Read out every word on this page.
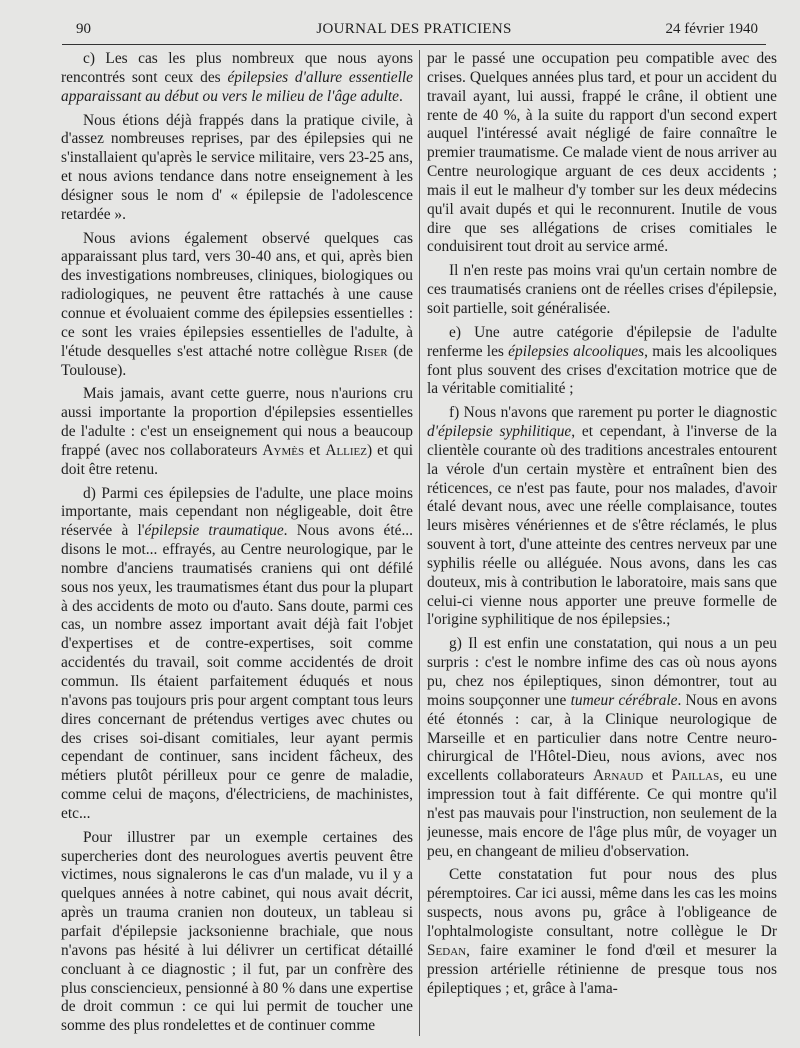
90	JOURNAL DES PRATICIENS	24 février 1940

c) Les cas les plus nombreux que nous ayons rencontrés sont ceux des épilepsies d'allure essentielle apparaissant au début ou vers le milieu de l'âge adulte.

Nous étions déjà frappés dans la pratique civile, à d'assez nombreuses reprises, par des épilepsies qui ne s'installaient qu'après le service militaire, vers 23-25 ans, et nous avions tendance dans notre enseignement à les désigner sous le nom d' « épilepsie de l'adolescence retardée ».

Nous avions également observé quelques cas apparaissant plus tard, vers 30-40 ans, et qui, après bien des investigations nombreuses, cliniques, biologiques ou radiologiques, ne peuvent être rattachés à une cause connue et évoluaient comme des épilepsies essentielles : ce sont les vraies épilepsies essentielles de l'adulte, à l'étude desquelles s'est attaché notre collègue Riser (de Toulouse).

Mais jamais, avant cette guerre, nous n'aurions cru aussi importante la proportion d'épilepsies essentielles de l'adulte : c'est un enseignement qui nous a beaucoup frappé (avec nos collaborateurs Aymès et Alliez) et qui doit être retenu.

d) Parmi ces épilepsies de l'adulte, une place moins importante, mais cependant non négligeable, doit être réservée à l'épilepsie traumatique. Nous avons été... disons le mot... effrayés, au Centre neurologique, par le nombre d'anciens traumatisés craniens qui ont défilé sous nos yeux, les traumatismes étant dus pour la plupart à des accidents de moto ou d'auto. Sans doute, parmi ces cas, un nombre assez important avait déjà fait l'objet d'expertises et de contre-expertises, soit comme accidentés du travail, soit comme accidentés de droit commun. Ils étaient parfaitement éduqués et nous n'avons pas toujours pris pour argent comptant tous leurs dires concernant de prétendus vertiges avec chutes ou des crises soi-disant comitiales, leur ayant permis cependant de continuer, sans incident fâcheux, des métiers plutôt périlleux pour ce genre de maladie, comme celui de maçons, d'électriciens, de machinistes, etc...

Pour illustrer par un exemple certaines des supercheries dont des neurologues avertis peuvent être victimes, nous signalerons le cas d'un malade, vu il y a quelques années à notre cabinet, qui nous avait décrit, après un trauma cranien non douteux, un tableau si parfait d'épilepsie jacksonienne brachiale, que nous n'avons pas hésité à lui délivrer un certificat détaillé concluant à ce diagnostic ; il fut, par un confrère des plus consciencieux, pensionné à 80 % dans une expertise de droit commun : ce qui lui permit de toucher une somme des plus rondelettes et de continuer comme

par le passé une occupation peu compatible avec des crises. Quelques années plus tard, et pour un accident du travail ayant, lui aussi, frappé le crâne, il obtient une rente de 40 %, à la suite du rapport d'un second expert auquel l'intéressé avait négligé de faire connaître le premier traumatisme. Ce malade vient de nous arriver au Centre neurologique arguant de ces deux accidents ; mais il eut le malheur d'y tomber sur les deux médecins qu'il avait dupés et qui le reconnurent. Inutile de vous dire que ses allégations de crises comitiales le conduisirent tout droit au service armé.

Il n'en reste pas moins vrai qu'un certain nombre de ces traumatisés craniens ont de réelles crises d'épilepsie, soit partielle, soit généralisée.

e) Une autre catégorie d'épilepsie de l'adulte renferme les épilepsies alcooliques, mais les alcooliques font plus souvent des crises d'excitation motrice que de la véritable comitialité ;

f) Nous n'avons que rarement pu porter le diagnostic d'épilepsie syphilitique, et cependant, à l'inverse de la clientèle courante où des traditions ancestrales entourent la vérole d'un certain mystère et entraînent bien des réticences, ce n'est pas faute, pour nos malades, d'avoir étalé devant nous, avec une réelle complaisance, toutes leurs misères vénériennes et de s'être réclamés, le plus souvent à tort, d'une atteinte des centres nerveux par une syphilis réelle ou alléguée. Nous avons, dans les cas douteux, mis à contribution le laboratoire, mais sans que celui-ci vienne nous apporter une preuve formelle de l'origine syphilitique de nos épilepsies.;

g) Il est enfin une constatation, qui nous a un peu surpris : c'est le nombre infime des cas où nous ayons pu, chez nos épileptiques, sinon démontrer, tout au moins soupçonner une tumeur cérébrale. Nous en avons été étonnés : car, à la Clinique neurologique de Marseille et en particulier dans notre Centre neuro-chirurgical de l'Hôtel-Dieu, nous avions, avec nos excellents collaborateurs Arnaud et Paillas, eu une impression tout à fait différente. Ce qui montre qu'il n'est pas mauvais pour l'instruction, non seulement de la jeunesse, mais encore de l'âge plus mûr, de voyager un peu, en changeant de milieu d'observation.

Cette constatation fut pour nous des plus péremptoires. Car ici aussi, même dans les cas les moins suspects, nous avons pu, grâce à l'obligeance de l'ophtalmologiste consultant, notre collègue le Dr Sedan, faire examiner le fond d'œil et mesurer la pression artérielle rétinienne de presque tous nos épileptiques ; et, grâce à l'ama-
